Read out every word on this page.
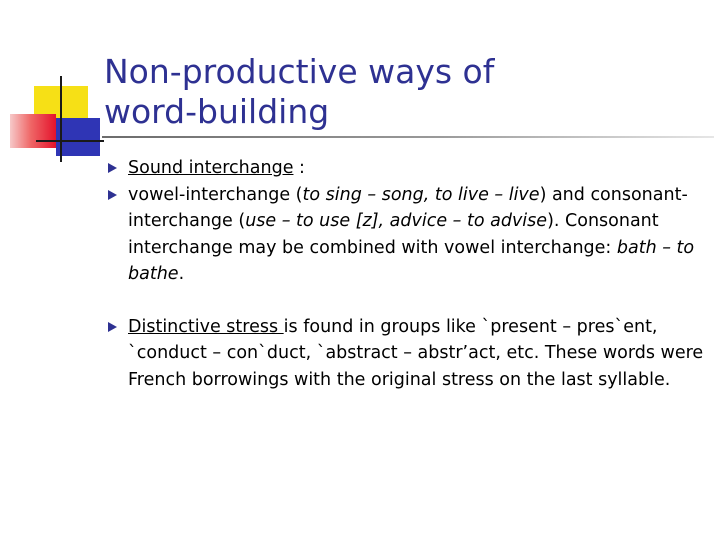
Non-productive ways of
word-building
Sound interchange :
vowel-interchange (to sing – song, to live – live) and consonant-interchange (use – to use [z], advice – to advise). Consonant interchange may be combined with vowel interchange: bath – to bathe.
Distinctive stress is found in groups like `present – pres`ent, `conduct – con`duct, `abstract – abstr’act, etc. These words were French borrowings with the original stress on the last syllable.
